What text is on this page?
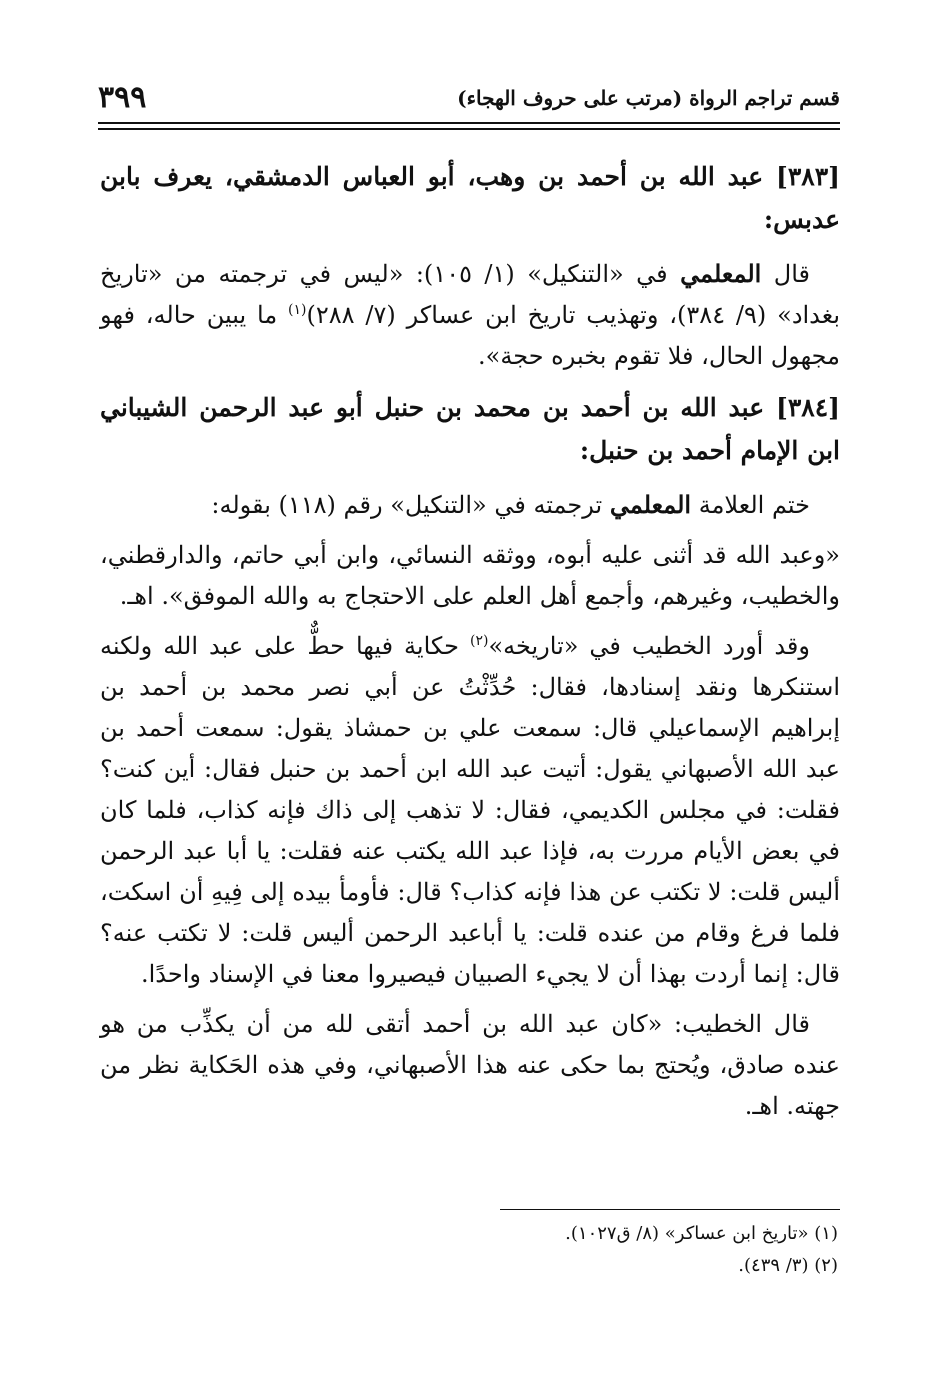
٣٩٩	قسم تراجم الرواة (مرتب على حروف الهجاء)

[٣٨٣] عبد الله بن أحمد بن وهب، أبو العباس الدمشقي، يعرف بابن عدبس:

قال المعلمي في «التنكيل» (١/ ١٠٥): «ليس في ترجمته من «تاريخ بغداد» (٩/ ٣٨٤)، وتهذيب تاريخ ابن عساكر (٧/ ٢٨٨)$^{(١)}$ ما يبين حاله، فهو مجهول الحال، فلا تقوم بخبره حجة».

[٣٨٤] عبد الله بن أحمد بن محمد بن حنبل أبو عبد الرحمن الشيباني ابن الإمام أحمد بن حنبل:

ختم العلامة المعلمي ترجمته في «التنكيل» رقم (١١٨) بقوله:

«وعبد الله قد أثنى عليه أبوه، ووثقه النسائي، وابن أبي حاتم، والدارقطني، والخطيب، وغيرهم، وأجمع أهل العلم على الاحتجاج به والله الموفق». اهـ.

وقد أورد الخطيب في «تاريخه»$^{(٢)}$ حكاية فيها حطٌّ على عبد الله ولكنه استنكرها ونقد إسنادها، فقال: حُدِّثْتُ عن أبي نصر محمد بن أحمد بن إبراهيم الإسماعيلي قال: سمعت علي بن حمشاذ يقول: سمعت أحمد بن عبد الله الأصبهاني يقول: أتيت عبد الله ابن أحمد بن حنبل فقال: أين كنت؟ فقلت: في مجلس الكديمي، فقال: لا تذهب إلى ذاك فإنه كذاب، فلما كان في بعض الأيام مررت به، فإذا عبد الله يكتب عنه فقلت: يا أبا عبد الرحمن أليس قلت: لا تكتب عن هذا فإنه كذاب؟ قال: فأومأ بيده إلى فِيهِ أن اسكت، فلما فرغ وقام من عنده قلت: يا أباعبد الرحمن أليس قلت: لا تكتب عنه؟ قال: إنما أردت بهذا أن لا يجيء الصبيان فيصيروا معنا في الإسناد واحدًا.

قال الخطيب: «كان عبد الله بن أحمد أتقى لله من أن يكذِّب من هو عنده صادق، ويُحتج بما حكى عنه هذا الأصبهاني، وفي هذه الحَكاية نظر من جهته. اهـ.

(١) «تاريخ ابن عساكر» (٨/ ق١٠٢٧).
(٢) (٣/ ٤٣٩).
